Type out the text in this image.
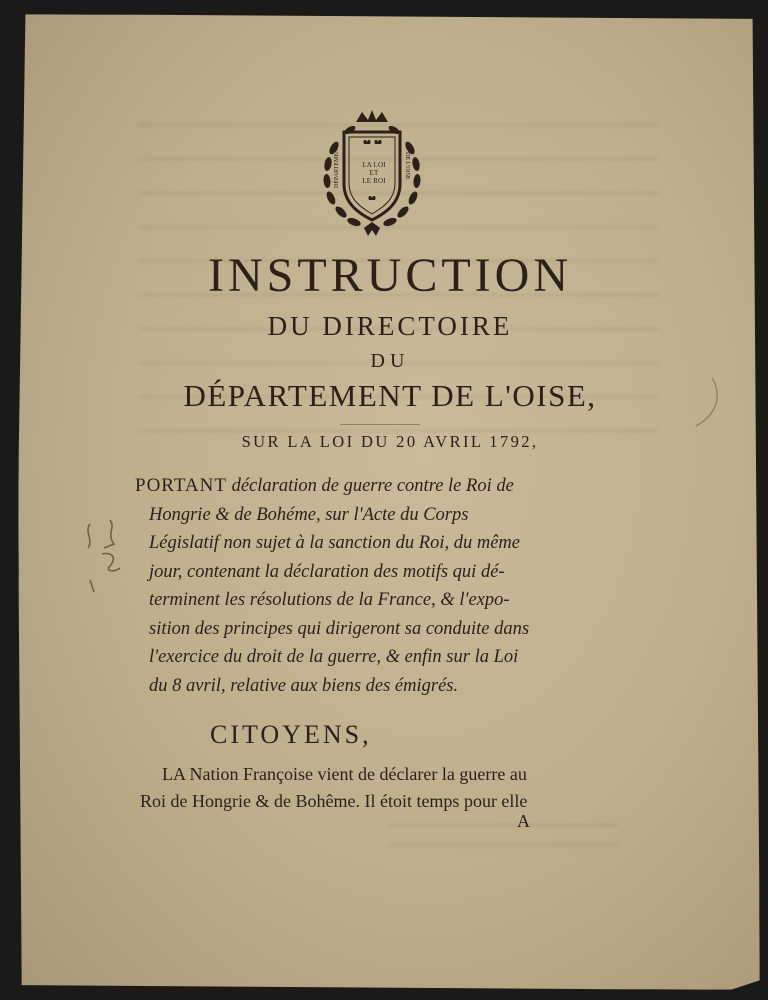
DÉPARTEMENT	DE L'OISE
LA LOI
ET
LE ROI
INSTRUCTION
DU DIRECTOIRE
DU
DÉPARTEMENT DE L'OISE,
SUR LA LOI DU 20 AVRIL 1792,
PORTANT déclaration de guerre contre le Roi de
Hongrie & de Bohéme, sur l'Acte du Corps
Législatif non sujet à la sanction du Roi, du même
jour, contenant la déclaration des motifs qui dé-
terminent les résolutions de la France, & l'expo-
sition des principes qui dirigeront sa conduite dans
l'exercice du droit de la guerre, & enfin sur la Loi
du 8 avril, relative aux biens des émigrés.
CITOYENS,
LA Nation Françoise vient de déclarer la guerre au
Roi de Hongrie & de Bohême. Il étoit temps pour elle
A
